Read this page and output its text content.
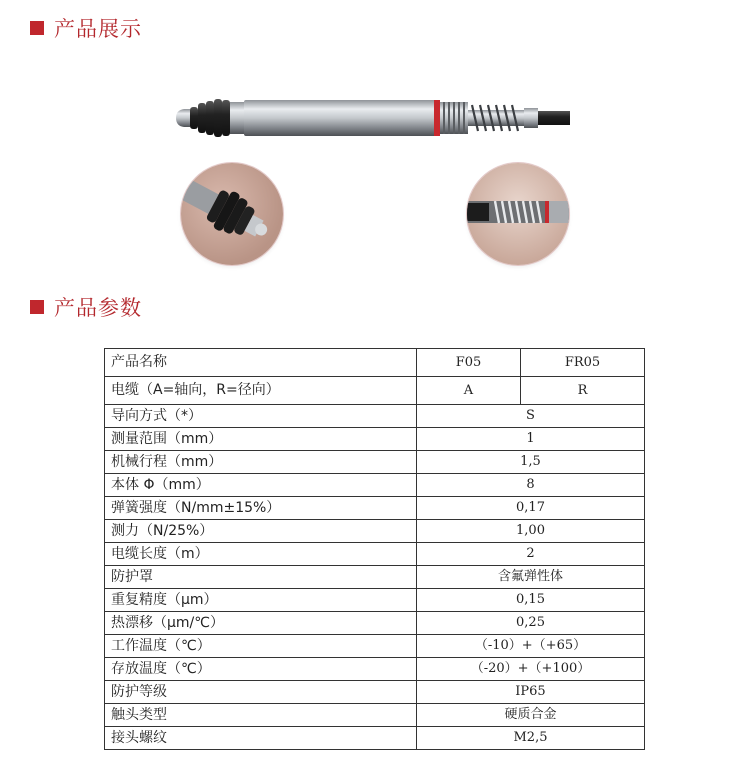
产品展示
产品参数
产品名称	F05	FR05
电缆（A=轴向，R=径向）	A	R
导向方式（*）	S	
测量范围（mm）	1	
机械行程（mm）	1,5	
本体 Φ（mm）	8	
弹簧强度（N/mm±15%）	0,17	
测力（N/25%）	1,00	
电缆长度（m）	2	
防护罩	含氟弹性体	
重复精度（μm）	0,15	
热漂移（μm/℃）	0,25	
工作温度（℃）	（-10）+（+65）	
存放温度（℃）	（-20）+（+100）	
防护等级	IP65	
触头类型	硬质合金	
接头螺纹	M2,5	
